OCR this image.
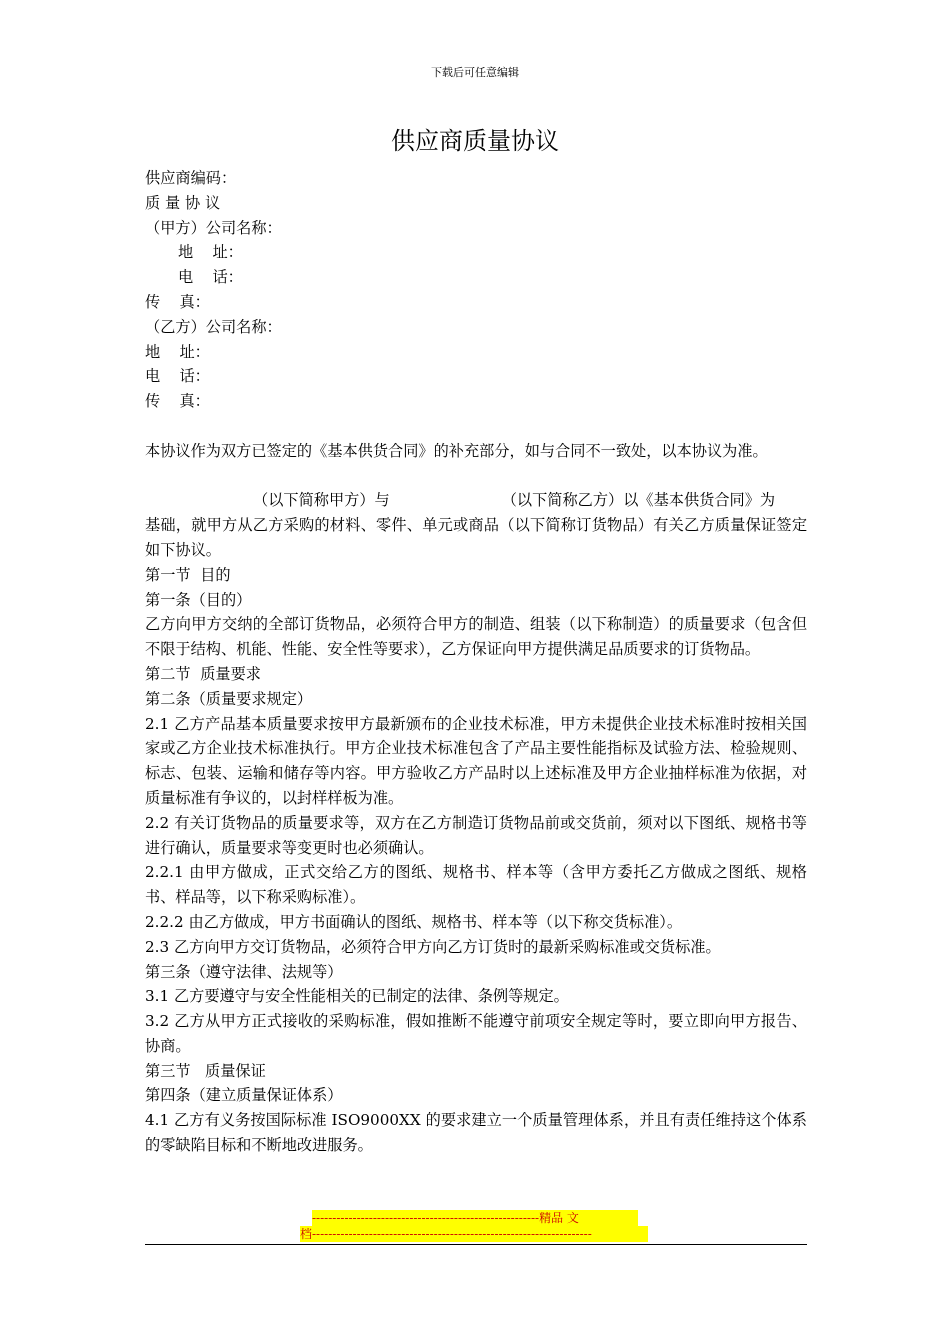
下载后可任意编辑
供应商质量协议

供应商编码：

质 量 协 议

（甲方）公司名称：

地    址：

电    话：

传    真：

（乙方）公司名称：

地    址：

电    话：

传    真：

本协议作为双方已签定的《基本供货合同》的补充部分，如与合同不一致处，以本协议为准。

（以下简称甲方）与	（以下简称乙方）以《基本供货合同》为

基础，就甲方从乙方采购的材料、零件、单元或商品（以下简称订货物品）有关乙方质量保证签定如下协议。

第一节  目的

第一条（目的）

乙方向甲方交纳的全部订货物品，必须符合甲方的制造、组装（以下称制造）的质量要求（包含但不限于结构、机能、性能、安全性等要求），乙方保证向甲方提供满足品质要求的订货物品。

第二节  质量要求

第二条（质量要求规定）

2.1 乙方产品基本质量要求按甲方最新颁布的企业技术标准，甲方未提供企业技术标准时按相关国家或乙方企业技术标准执行。甲方企业技术标准包含了产品主要性能指标及试验方法、检验规则、标志、包装、运输和储存等内容。甲方验收乙方产品时以上述标准及甲方企业抽样标准为依据，对质量标准有争议的，以封样样板为准。

2.2 有关订货物品的质量要求等，双方在乙方制造订货物品前或交货前，须对以下图纸、规格书等进行确认，质量要求等变更时也必须确认。

2.2.1 由甲方做成，正式交给乙方的图纸、规格书、样本等（含甲方委托乙方做成之图纸、规格书、样品等，以下称采购标准）。

2.2.2 由乙方做成，甲方书面确认的图纸、规格书、样本等（以下称交货标准）。

2.3 乙方向甲方交订货物品，必须符合甲方向乙方订货时的最新采购标准或交货标准。

第三条（遵守法律、法规等）

3.1 乙方要遵守与安全性能相关的已制定的法律、条例等规定。

3.2 乙方从甲方正式接收的采购标准，假如推断不能遵守前项安全规定等时，要立即向甲方报告、协商。

第三节   质量保证

第四条（建立质量保证体系）

4.1 乙方有义务按国际标准 ISO9000XX 的要求建立一个质量管理体系，并且有责任维持这个体系的零缺陷目标和不断地改进服务。

--------------------------------------------------------精品 文
档---------------------------------------------------------------------
